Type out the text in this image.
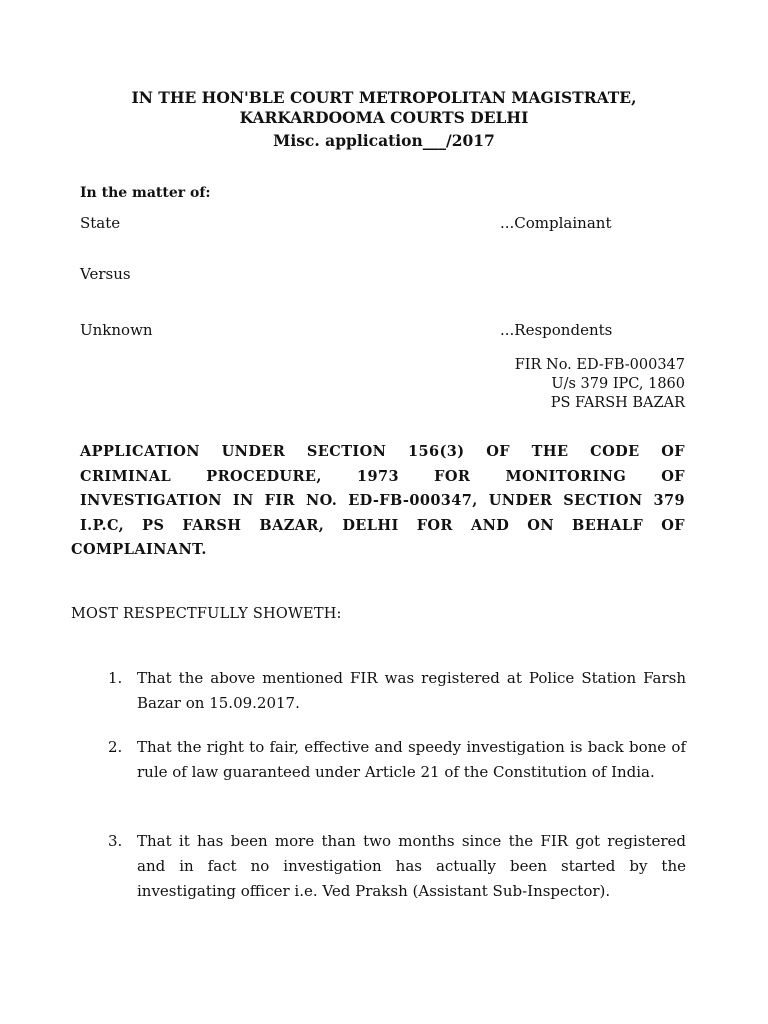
IN THE HON'BLE COURT METROPOLITAN MAGISTRATE,
KARKARDOOMA COURTS DELHI
Misc. application___/2017
In the matter of:
State	...Complainant
Versus
Unknown	...Respondents
FIR No. ED-FB-000347
U/s 379 IPC, 1860
PS FARSH BAZAR
APPLICATION UNDER SECTION 156(3) OF THE CODE OF
CRIMINAL PROCEDURE, 1973 FOR MONITORING OF
INVESTIGATION IN FIR NO. ED-FB-000347, UNDER SECTION 379
I.P.C, PS FARSH BAZAR, DELHI FOR AND ON BEHALF OF
COMPLAINANT.
MOST RESPECTFULLY SHOWETH:
1. That the above mentioned FIR was registered at Police Station Farsh Bazar on 15.09.2017.
2. That the right to fair, effective and speedy investigation is back bone of rule of law guaranteed under Article 21 of the Constitution of India.
3. That it has been more than two months since the FIR got registered and in fact no investigation has actually been started by the investigating officer i.e. Ved Praksh (Assistant Sub-Inspector).
